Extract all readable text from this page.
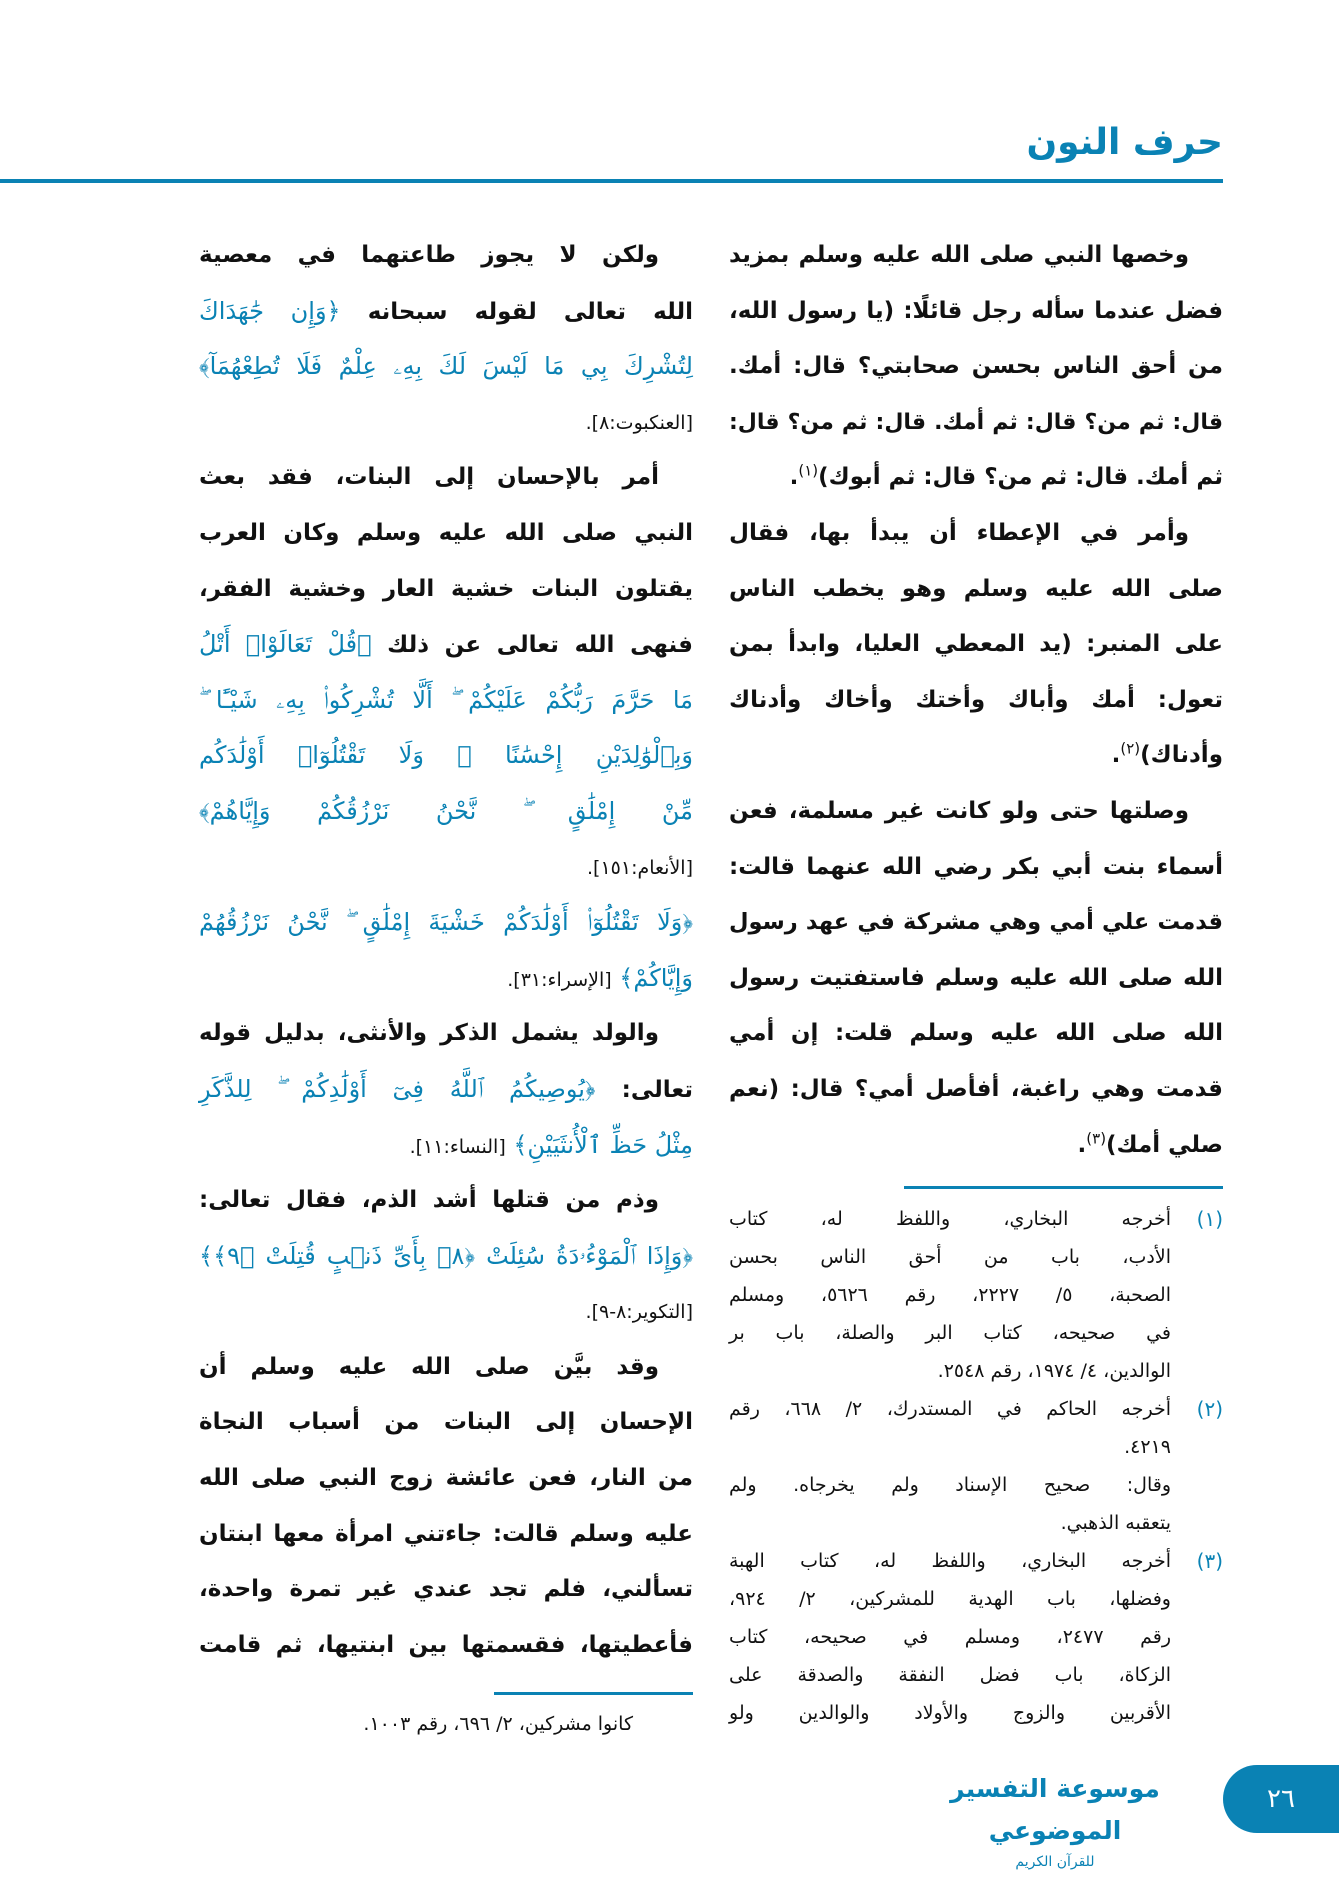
حرف النون
وخصها النبي صلى الله عليه وسلم بمزيد
فضل عندما سأله رجل قائلًا: (يا رسول الله،
من أحق الناس بحسن صحابتي؟ قال: أمك.
قال: ثم من؟ قال: ثم أمك. قال: ثم من؟ قال:
ثم أمك. قال: ثم من؟ قال: ثم أبوك)$^{(١)}$.
وأمر في الإعطاء أن يبدأ بها، فقال
صلى الله عليه وسلم وهو يخطب الناس
على المنبر: (يد المعطي العليا، وابدأ بمن
تعول: أمك وأباك وأختك وأخاك وأدناك
وأدناك)$^{(٢)}$.
وصلتها حتى ولو كانت غير مسلمة، فعن
أسماء بنت أبي بكر رضي الله عنهما قالت:
قدمت علي أمي وهي مشركة في عهد رسول
الله صلى الله عليه وسلم فاستفتيت رسول
الله صلى الله عليه وسلم قلت: إن أمي
قدمت وهي راغبة، أفأصل أمي؟ قال: (نعم
صلي أمك)$^{(٣)}$.
ولكن لا يجوز طاعتهما في معصية
الله تعالى لقوله سبحانه ﴿وَإِن جَٰهَدَاكَ
لِتُشْرِكَ بِي مَا لَيْسَ لَكَ بِهِۦ عِلْمٌ فَلَا تُطِعْهُمَآ﴾
[العنكبوت:٨].
أمر بالإحسان إلى البنات، فقد بعث
النبي صلى الله عليه وسلم وكان العرب
يقتلون البنات خشية العار وخشية الفقر،
فنهى الله تعالى عن ذلك ﴿قُلْ تَعَالَوْا۟ أَتْلُ
مَا حَرَّمَ رَبُّكُمْ عَلَيْكُمْ ۖ أَلَّا تُشْرِكُوا۟ بِهِۦ شَيْـًٔا ۖ
وَبِٱلْوَٰلِدَيْنِ إِحْسَٰنًا ۖ وَلَا تَقْتُلُوٓا۟ أَوْلَٰدَكُم
مِّنْ إِمْلَٰقٍ ۖ نَّحْنُ نَرْزُقُكُمْ وَإِيَّاهُمْ﴾
[الأنعام:١٥١].
﴿وَلَا تَقْتُلُوٓا۟ أَوْلَٰدَكُمْ خَشْيَةَ إِمْلَٰقٍ ۖ نَّحْنُ نَرْزُقُهُمْ
وَإِيَّاكُمْ﴾ [الإسراء:٣١].
والولد يشمل الذكر والأنثى، بدليل قوله
تعالى: ﴿يُوصِيكُمُ ٱللَّهُ فِىٓ أَوْلَٰدِكُمْ ۖ لِلذَّكَرِ
مِثْلُ حَظِّ ٱلْأُنثَيَيْنِ﴾ [النساء:١١].
وذم من قتلها أشد الذم، فقال تعالى:
﴿وَإِذَا ٱلْمَوْءُۥدَةُ سُئِلَتْ ﴿٨﴾ بِأَىِّ ذَنۢبٍ قُتِلَتْ ﴿٩﴾﴾
[التكوير:٨-٩].
وقد بيَّن صلى الله عليه وسلم أن
الإحسان إلى البنات من أسباب النجاة
من النار، فعن عائشة زوج النبي صلى الله
عليه وسلم قالت: جاءتني امرأة معها ابنتان
تسألني، فلم تجد عندي غير تمرة واحدة،
فأعطيتها، فقسمتها بين ابنتيها، ثم قامت
(١)
أخرجه البخاري، واللفظ له، كتاب
الأدب، باب من أحق الناس بحسن
الصحبة، ٥/ ٢٢٢٧، رقم ٥٦٢٦، ومسلم
في صحيحه، كتاب البر والصلة، باب بر
الوالدين، ٤/ ١٩٧٤، رقم ٢٥٤٨.
(٢)
أخرجه الحاكم في المستدرك، ٢/ ٦٦٨، رقم
٤٢١٩.
وقال: صحيح الإسناد ولم يخرجاه. ولم
يتعقبه الذهبي.
(٣)
أخرجه البخاري، واللفظ له، كتاب الهبة
وفضلها، باب الهدية للمشركين، ٢/ ٩٢٤،
رقم ٢٤٧٧، ومسلم في صحيحه، كتاب
الزكاة، باب فضل النفقة والصدقة على
الأقربين والزوج والأولاد والوالدين ولو
كانوا مشركين، ٢/ ٦٩٦، رقم ١٠٠٣.
موسوعة التفسير الموضوعي
للقرآن الكريم
٢٦
